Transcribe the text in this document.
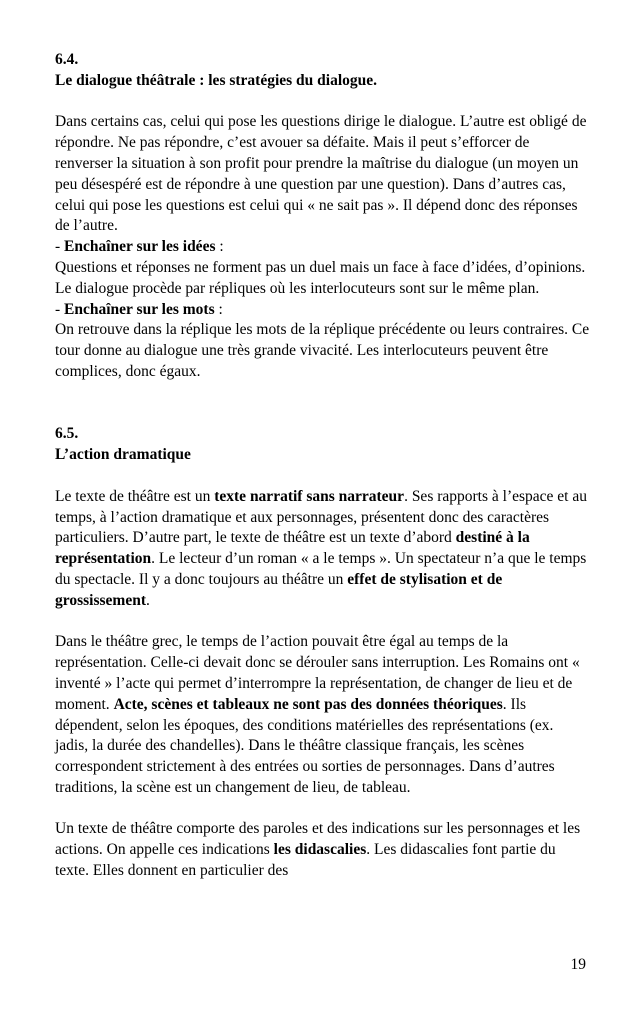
6.4.

Le dialogue théâtrale : les stratégies du dialogue.

Dans certains cas, celui qui pose les questions dirige le dialogue. L’autre est obligé de répondre. Ne pas répondre, c’est avouer sa défaite. Mais il peut s’efforcer de renverser la situation à son profit pour prendre la maîtrise du dialogue (un moyen un peu désespéré est de répondre à une question par une question). Dans d’autres cas, celui qui pose les questions est celui qui « ne sait pas ». Il dépend donc des réponses de l’autre.

- Enchaîner sur les idées :

Questions et réponses ne forment pas un duel mais un face à face d’idées, d’opinions. Le dialogue procède par répliques où les interlocuteurs sont sur le même plan.

- Enchaîner sur les mots :

On retrouve dans la réplique les mots de la réplique précédente ou leurs contraires. Ce tour donne au dialogue une très grande vivacité. Les interlocuteurs peuvent être complices, donc égaux.

6.5.

L’action dramatique

Le texte de théâtre est un texte narratif sans narrateur. Ses rapports à l’espace et au temps, à l’action dramatique et aux personnages, présentent donc des caractères particuliers. D’autre part, le texte de théâtre est un texte d’abord destiné à la représentation. Le lecteur d’un roman « a le temps ». Un spectateur n’a que le temps du spectacle. Il y a donc toujours au théâtre un effet de stylisation et de grossissement.

Dans le théâtre grec, le temps de l’action pouvait être égal au temps de la représentation. Celle-ci devait donc se dérouler sans interruption. Les Romains ont « inventé » l’acte qui permet d’interrompre la représentation, de changer de lieu et de moment. Acte, scènes et tableaux ne sont pas des données théoriques. Ils dépendent, selon les époques, des conditions matérielles des représentations (ex. jadis, la durée des chandelles). Dans le théâtre classique français, les scènes correspondent strictement à des entrées ou sorties de personnages. Dans d’autres traditions, la scène est un changement de lieu, de tableau.

Un texte de théâtre comporte des paroles et des indications sur les personnages et les actions. On appelle ces indications les didascalies. Les didascalies font partie du texte. Elles donnent en particulier des

19
